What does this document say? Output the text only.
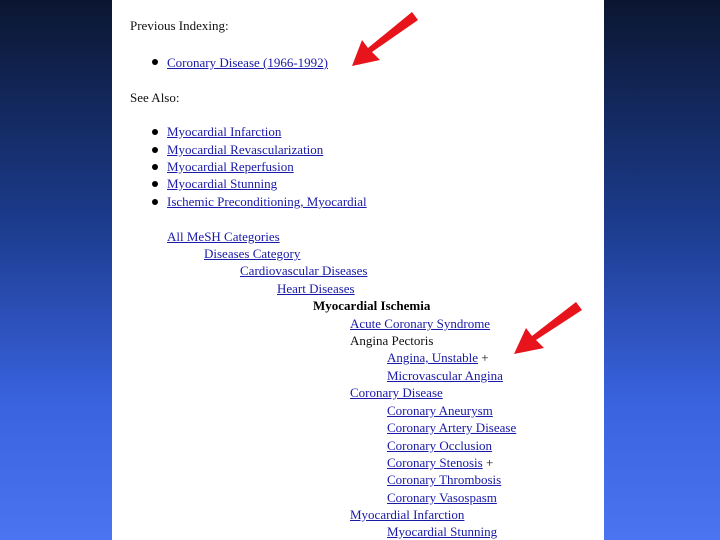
Previous Indexing:
Coronary Disease (1966-1992)
See Also:
Myocardial Infarction
Myocardial Revascularization
Myocardial Reperfusion
Myocardial Stunning
Ischemic Preconditioning, Myocardial
All MeSH Categories
Diseases Category
Cardiovascular Diseases
Heart Diseases
Myocardial Ischemia
Acute Coronary Syndrome
Angina Pectoris
Angina, Unstable +
Microvascular Angina
Coronary Disease
Coronary Aneurysm
Coronary Artery Disease
Coronary Occlusion
Coronary Stenosis +
Coronary Thrombosis
Coronary Vasospasm
Myocardial Infarction
Myocardial Stunning
